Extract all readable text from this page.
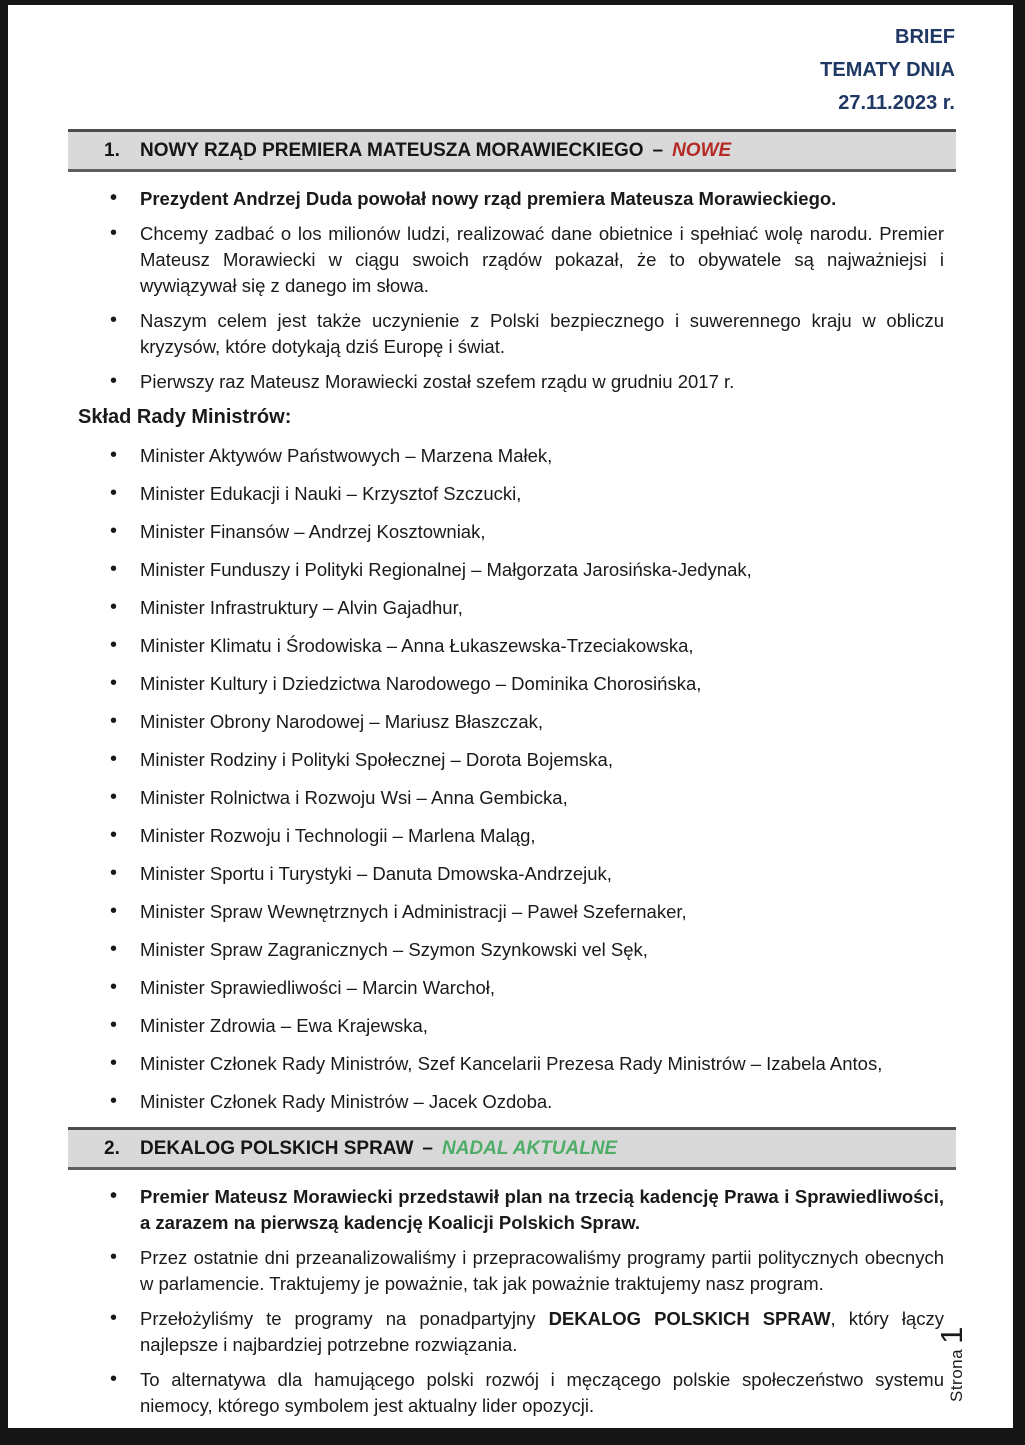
BRIEF
TEMATY DNIA
27.11.2023 r.
1.	NOWY RZĄD PREMIERA MATEUSZA MORAWIECKIEGO – NOWE
• Prezydent Andrzej Duda powołał nowy rząd premiera Mateusza Morawieckiego.
• Chcemy zadbać o los milionów ludzi, realizować dane obietnice i spełniać wolę narodu. Premier Mateusz Morawiecki w ciągu swoich rządów pokazał, że to obywatele są najważniejsi i wywiązywał się z danego im słowa.
• Naszym celem jest także uczynienie z Polski bezpiecznego i suwerennego kraju w obliczu kryzysów, które dotykają dziś Europę i świat.
• Pierwszy raz Mateusz Morawiecki został szefem rządu w grudniu 2017 r.
Skład Rady Ministrów:
• Minister Aktywów Państwowych – Marzena Małek,
• Minister Edukacji i Nauki – Krzysztof Szczucki,
• Minister Finansów – Andrzej Kosztowniak,
• Minister Funduszy i Polityki Regionalnej – Małgorzata Jarosińska-Jedynak,
• Minister Infrastruktury – Alvin Gajadhur,
• Minister Klimatu i Środowiska – Anna Łukaszewska-Trzeciakowska,
• Minister Kultury i Dziedzictwa Narodowego – Dominika Chorosińska,
• Minister Obrony Narodowej – Mariusz Błaszczak,
• Minister Rodziny i Polityki Społecznej – Dorota Bojemska,
• Minister Rolnictwa i Rozwoju Wsi – Anna Gembicka,
• Minister Rozwoju i Technologii – Marlena Maląg,
• Minister Sportu i Turystyki – Danuta Dmowska-Andrzejuk,
• Minister Spraw Wewnętrznych i Administracji – Paweł Szefernaker,
• Minister Spraw Zagranicznych – Szymon Szynkowski vel Sęk,
• Minister Sprawiedliwości – Marcin Warchoł,
• Minister Zdrowia – Ewa Krajewska,
• Minister Członek Rady Ministrów, Szef Kancelarii Prezesa Rady Ministrów – Izabela Antos,
• Minister Członek Rady Ministrów – Jacek Ozdoba.
2.	DEKALOG POLSKICH SPRAW – NADAL AKTUALNE
• Premier Mateusz Morawiecki przedstawił plan na trzecią kadencję Prawa i Sprawiedliwości, a zarazem na pierwszą kadencję Koalicji Polskich Spraw.
• Przez ostatnie dni przeanalizowaliśmy i przepracowaliśmy programy partii politycznych obecnych w parlamencie. Traktujemy je poważnie, tak jak poważnie traktujemy nasz program.
• Przełożyliśmy te programy na ponadpartyjny DEKALOG POLSKICH SPRAW, który łączy najlepsze i najbardziej potrzebne rozwiązania.
• To alternatywa dla hamującego polski rozwój i męczącego polskie społeczeństwo systemu niemocy, którego symbolem jest aktualny lider opozycji.
Strona
1
